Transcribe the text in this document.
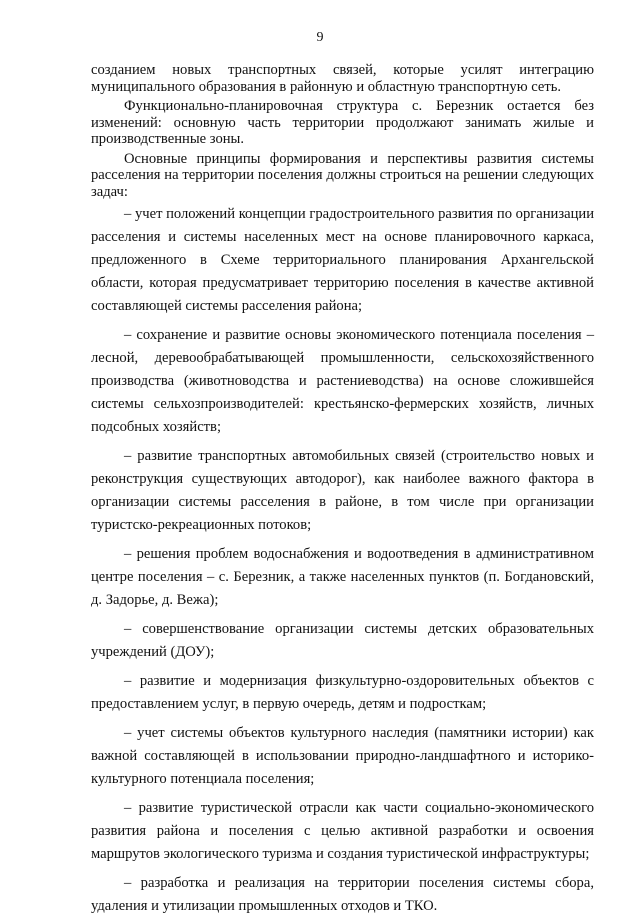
9

созданием новых транспортных связей, которые усилят интеграцию муниципального образования в районную и областную транспортную сеть.

Функционально-планировочная структура с. Березник остается без изменений: основную часть территории продолжают занимать жилые и производственные зоны.

Основные принципы формирования и перспективы развития системы расселения на территории поселения должны строиться на решении следующих задач:

– учет положений концепции градостроительного развития по организации расселения и системы населенных мест на основе планировочного каркаса, предложенного в Схеме территориального планирования Архангельской области, которая предусматривает территорию поселения в качестве активной составляющей системы расселения района;

– сохранение и развитие основы экономического потенциала поселения – лесной, деревообрабатывающей промышленности, сельскохозяйственного производства (животноводства и растениеводства) на основе сложившейся системы сельхозпроизводителей: крестьянско-фермерских хозяйств, личных подсобных хозяйств;

– развитие транспортных автомобильных связей (строительство новых и реконструкция существующих автодорог), как наиболее важного фактора в организации системы расселения в районе, в том числе при организации туристско-рекреационных потоков;

– решения проблем водоснабжения и водоотведения в административном центре поселения – с. Березник, а также населенных пунктов (п. Богдановский, д. Задорье, д. Вежа);

– совершенствование организации системы детских образовательных учреждений (ДОУ);

– развитие и модернизация физкультурно-оздоровительных объектов с предоставлением услуг, в первую очередь, детям и подросткам;

– учет системы объектов культурного наследия (памятники истории) как важной составляющей в использовании природно-ландшафтного и историко-культурного потенциала поселения;

– развитие туристической отрасли как части социально-экономического развития района и поселения с целью активной разработки и освоения маршрутов экологического туризма и создания туристической инфраструктуры;

– разработка и реализация на территории поселения системы сбора, удаления и утилизации промышленных отходов и ТКО.
